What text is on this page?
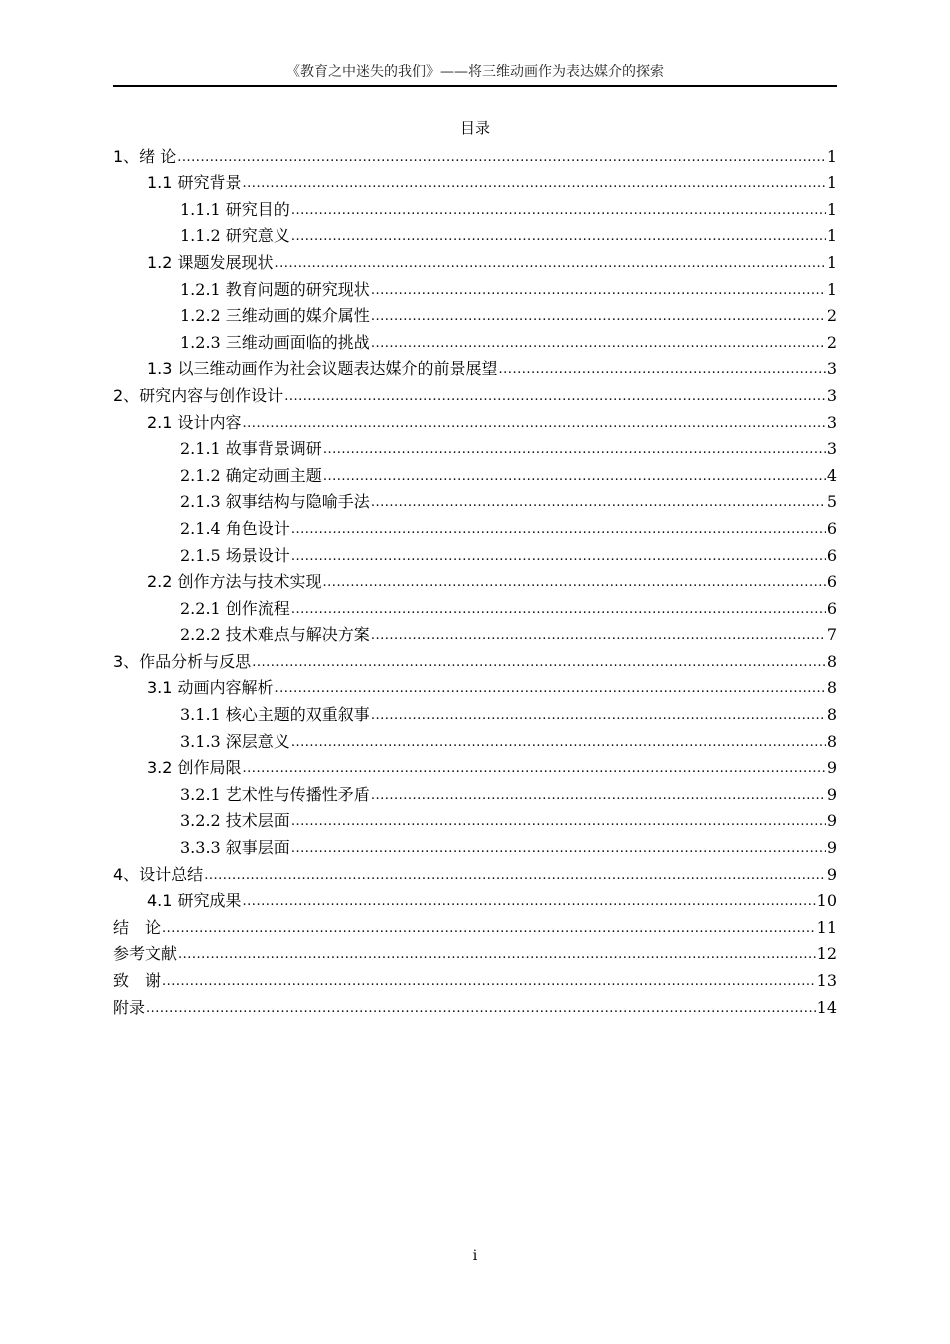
《教育之中迷失的我们》——将三维动画作为表达媒介的探索
目录
1、绪 论 .....	1
1.1 研究背景 .....	1
1.1.1 研究目的 .....	1
1.1.2 研究意义 .....	1
1.2 课题发展现状 .....	1
1.2.1 教育问题的研究现状 .....	1
1.2.2 三维动画的媒介属性 .....	2
1.2.3 三维动画面临的挑战 .....	2
1.3 以三维动画作为社会议题表达媒介的前景展望 .....	3
2、研究内容与创作设计 .....	3
2.1 设计内容 .....	3
2.1.1 故事背景调研 .....	3
2.1.2 确定动画主题 .....	4
2.1.3 叙事结构与隐喻手法 .....	5
2.1.4 角色设计 .....	6
2.1.5 场景设计 .....	6
2.2 创作方法与技术实现 .....	6
2.2.1 创作流程 .....	6
2.2.2 技术难点与解决方案 .....	7
3、作品分析与反思 .....	8
3.1 动画内容解析 .....	8
3.1.1 核心主题的双重叙事 .....	8
3.1.3 深层意义 .....	8
3.2 创作局限 .....	9
3.2.1 艺术性与传播性矛盾 .....	9
3.2.2 技术层面 .....	9
3.3.3 叙事层面 .....	9
4、设计总结 .....	9
4.1 研究成果 .....	10
结　论 .....	11
参考文献 .....	12
致　谢 .....	13
附录 .....	14
i
